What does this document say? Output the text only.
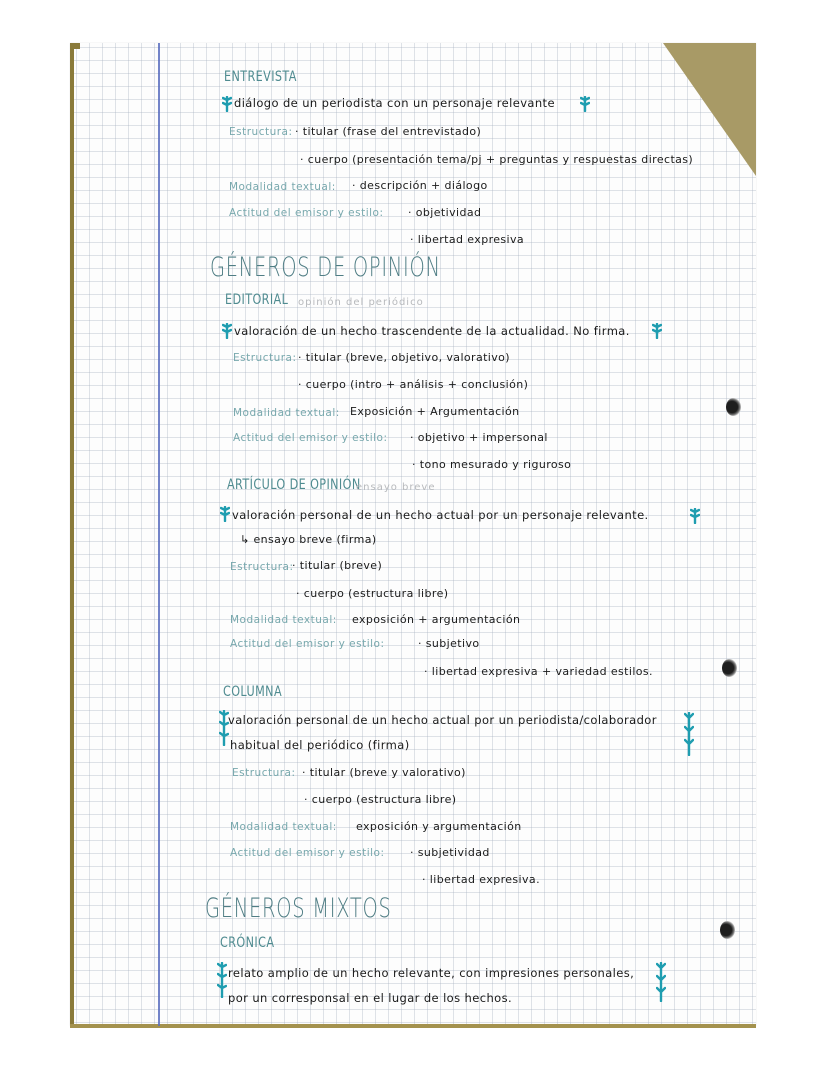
ENTREVISTA
diálogo de un periodista con un personaje relevante
Estructura: · titular (frase del entrevistado)
· cuerpo (presentación tema/pj + preguntas y respuestas directas)
Modalidad textual: · descripción + diálogo
Actitud del emisor y estilo: · objetividad
· libertad expresiva
GÉNEROS DE OPINIÓN
EDITORIAL opinión del periódico
valoración de un hecho trascendente de la actualidad. No firma.
Estructura: · titular (breve, objetivo, valorativo)
· cuerpo (intro + análisis + conclusión)
Modalidad textual: Exposición + Argumentación
Actitud del emisor y estilo: · objetivo + impersonal
· tono mesurado y riguroso
ARTÍCULO DE OPINIÓN
ensayo breve
valoración personal de un hecho actual por un personaje relevante.
↳ ensayo breve (firma)
Estructura:
· titular (breve)
· cuerpo (estructura libre)
Modalidad textual: exposición + argumentación
Actitud del emisor y estilo:	· subjetivo
· libertad expresiva + variedad estilos.
COLUMNA
valoración personal de un hecho actual por un periodista/colaborador
habitual del periódico (firma)
Estructura: · titular (breve y valorativo)
· cuerpo (estructura libre)
Modalidad textual: exposición y argumentación
Actitud del emisor y estilo: · subjetividad
· libertad expresiva.
GÉNEROS MIXTOS
CRÓNICA
relato amplio de un hecho relevante, con impresiones personales,
por un corresponsal en el lugar de los hechos.
